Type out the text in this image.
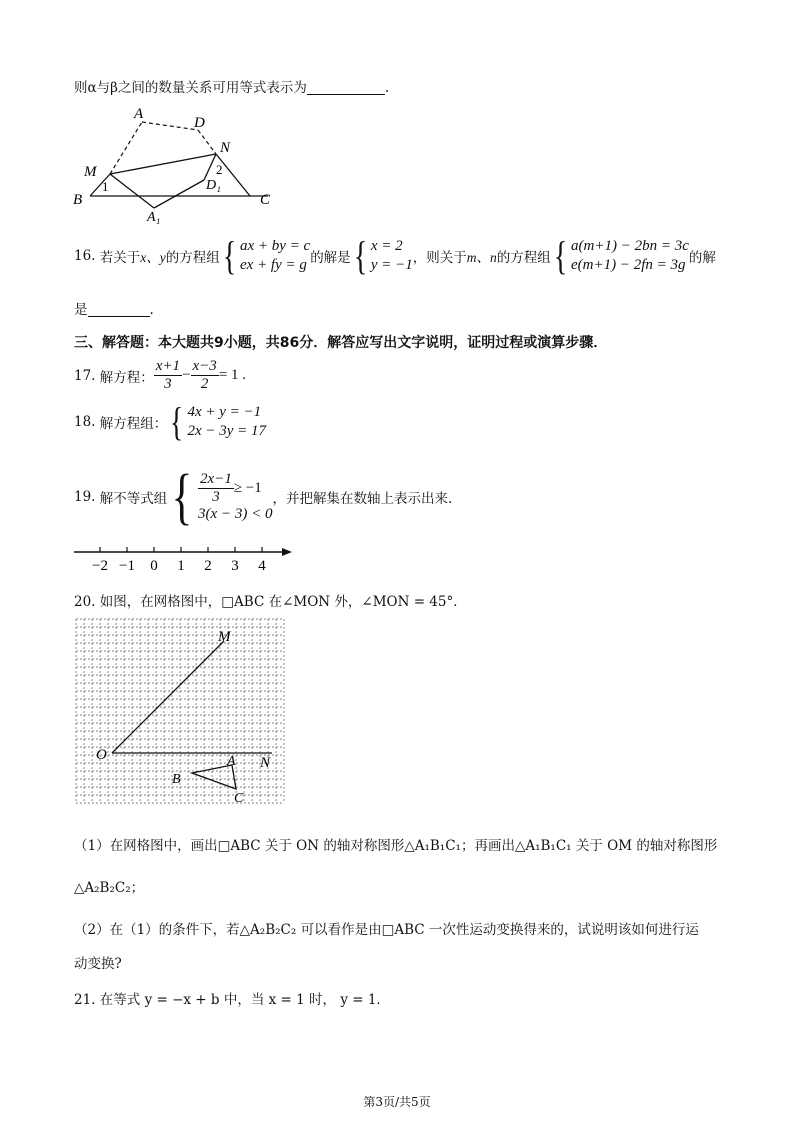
则α与β之间的数量关系可用等式表示为	.
A
D
N
M
B	C
A₁
D₁
1
2
16.
若关于 x、y 的方程组 { ax + by = c
ex + fy = g 的解是 { x = 2
y = −1 ，则关于 m、n 的方程组 { a(m+1) − 2bn = 3c
e(m+1) − 2fn = 3g 的解
是	.
三、解答题：本大题共9小题，共86分．解答应写出文字说明，证明过程或演算步骤．
17.
解方程： $\frac{x+1}{3} - \frac{x-3}{2} = 1$ .
18.
解方程组： { 4x + y = −1
2x − 3y = 17
19.
解不等式组 { $\frac{2x-1}{3} \ge -1$
3(x − 3) < 0
，并把解集在数轴上表示出来.
−2 −1 0 1 2 3 4
20. 如图，在网格图中，□ABC 在∠MON 外，∠MON = 45°．
M
O	N
A
B
C
（1）在网格图中，画出□ABC 关于 ON 的轴对称图形△A₁B₁C₁；再画出△A₁B₁C₁ 关于 OM 的轴对称图形
△A₂B₂C₂；
（2）在（1）的条件下，若△A₂B₂C₂ 可以看作是由□ABC 一次性运动变换得来的，试说明该如何进行运
动变换?
21. 在等式 y = −x + b 中，当 x = 1 时， y = 1．
第3页/共5页
